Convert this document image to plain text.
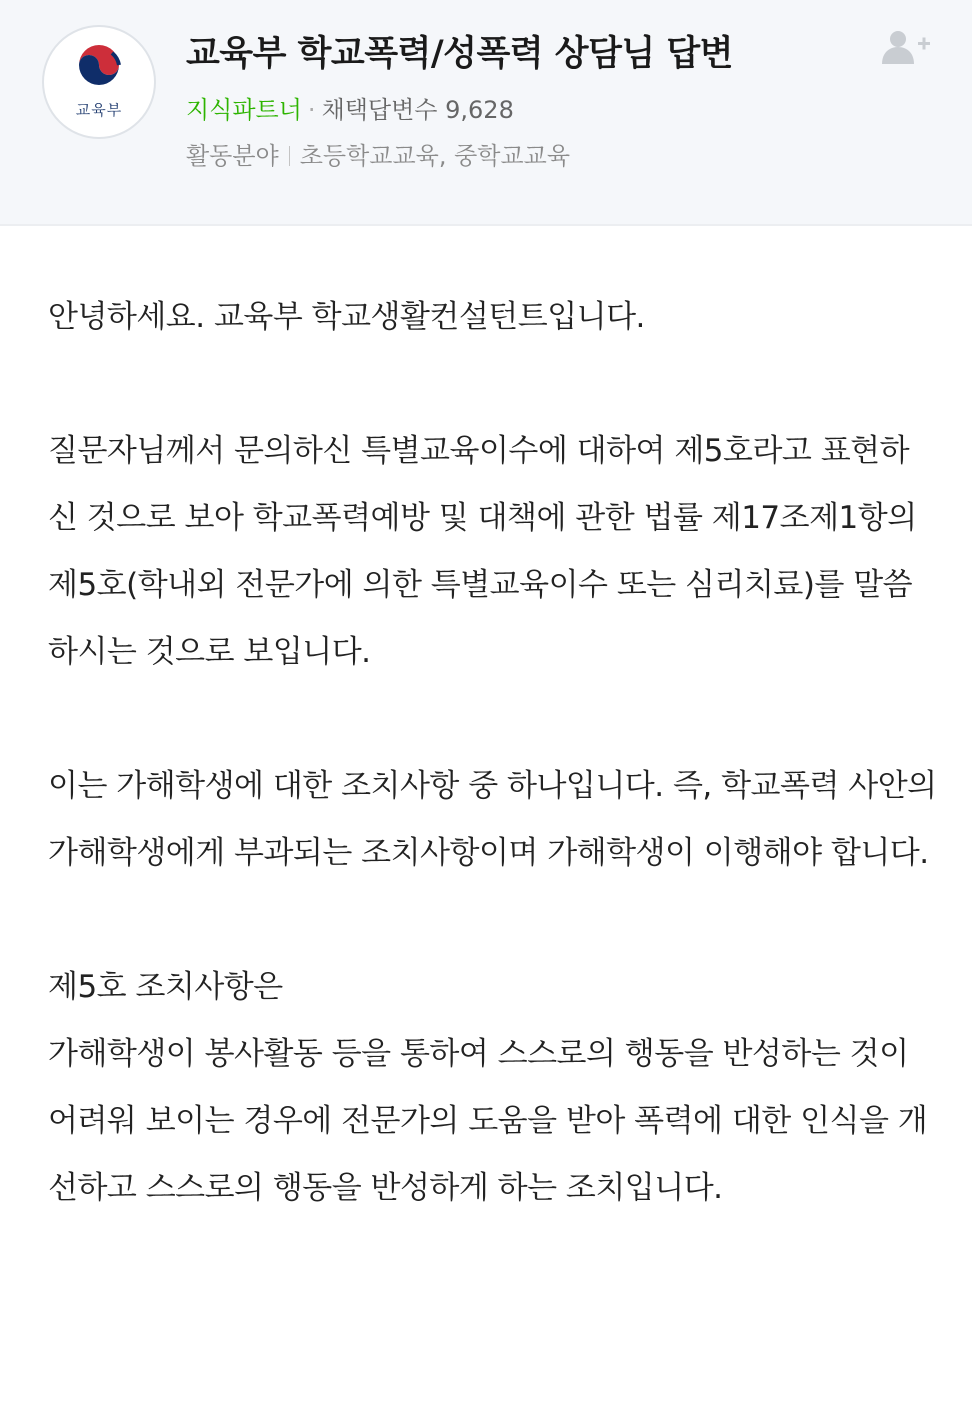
교육부
교육부 학교폭력/성폭력 상담님 답변
지식파트너 · 채택답변수 9,628
활동분야 초등학교교육, 중학교교육

안녕하세요. 교육부 학교생활컨설턴트입니다.

질문자님께서 문의하신 특별교육이수에 대하여 제5호라고 표현하신 것으로 보아 학교폭력예방 및 대책에 관한 법률 제17조제1항의 제5호(학내외 전문가에 의한 특별교육이수 또는 심리치료)를 말씀하시는 것으로 보입니다.

이는 가해학생에 대한 조치사항 중 하나입니다. 즉, 학교폭력 사안의 가해학생에게 부과되는 조치사항이며 가해학생이 이행해야 합니다.

제5호 조치사항은

가해학생이 봉사활동 등을 통하여 스스로의 행동을 반성하는 것이 어려워 보이는 경우에 전문가의 도움을 받아 폭력에 대한 인식을 개선하고 스스로의 행동을 반성하게 하는 조치입니다.
